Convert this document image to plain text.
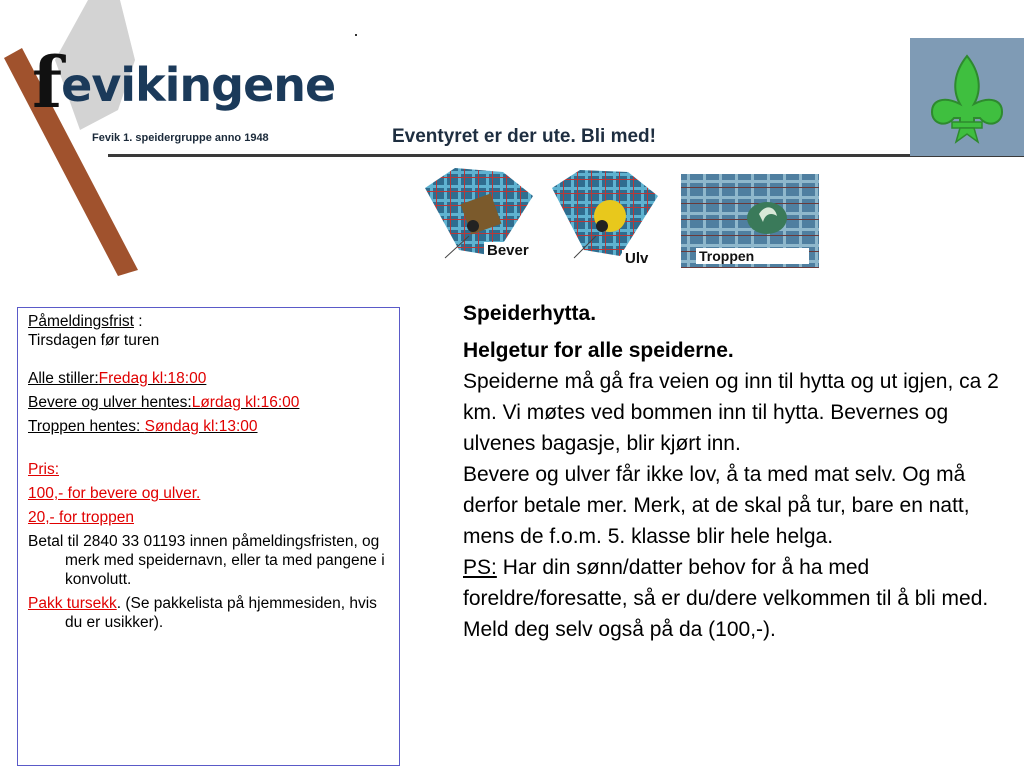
fevikingene
Fevik 1. speidergruppe anno 1948	Eventyret er der ute. Bli med!
Bever	Ulv	Troppen

Påmeldingsfrist :

Tirsdagen før turen

Alle stiller:Fredag kl:18:00

Bevere og ulver hentes:Lørdag kl:16:00

Troppen hentes: Søndag kl:13:00

Pris:

100,- for bevere og ulver.

20,- for troppen

Betal til 2840 33 01193 innen påmeldingsfristen, og merk med speidernavn, eller ta med pangene i konvolutt.

Pakk tursekk. (Se pakkelista på hjemmesiden, hvis du er usikker).

Speiderhytta.

Helgetur for alle speiderne.

Speiderne må gå fra veien og inn til hytta og ut igjen, ca 2 km. Vi møtes ved bommen inn til hytta. Bevernes og ulvenes bagasje, blir kjørt inn.

Bevere og ulver får ikke lov, å ta med mat selv. Og må derfor betale mer. Merk, at de skal på tur, bare en natt, mens de f.o.m. 5. klasse blir hele helga.

PS: Har din sønn/datter behov for å ha med foreldre/foresatte, så er du/dere velkommen til å bli med. Meld deg selv også på da (100,-).
